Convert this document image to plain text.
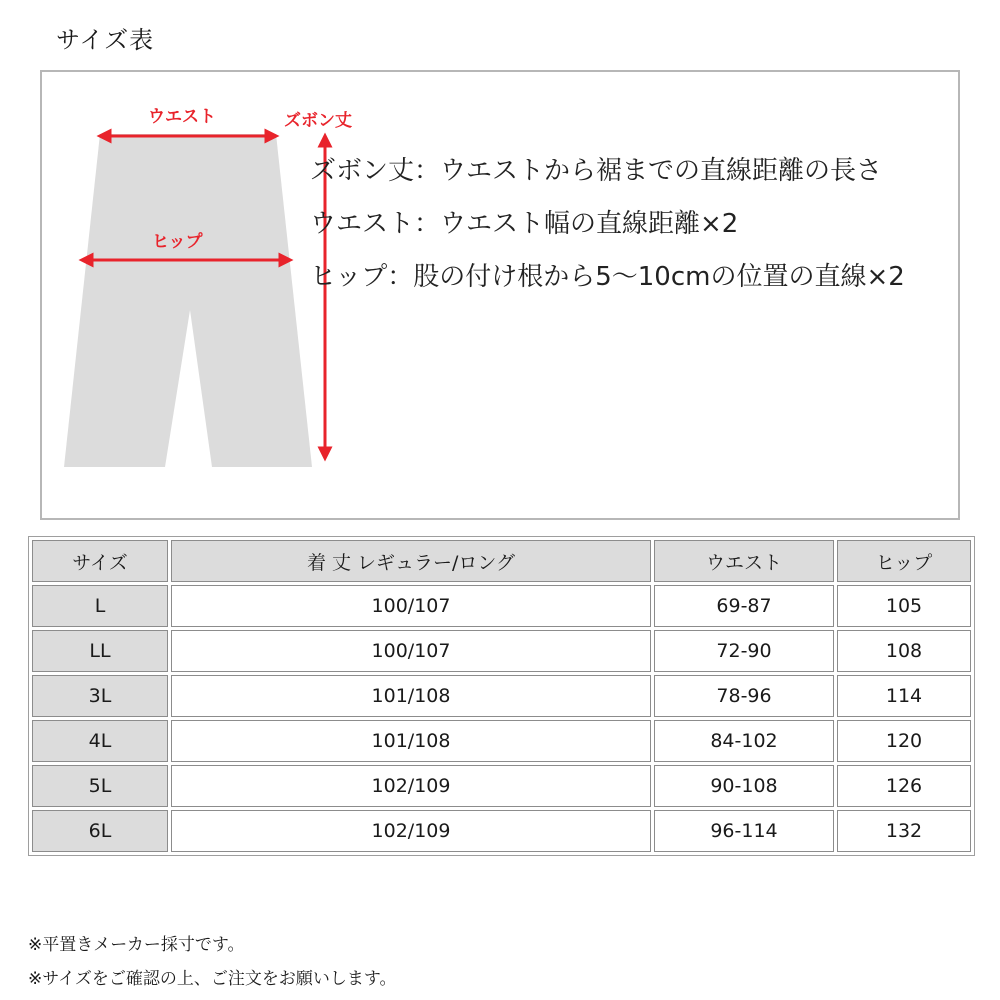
サイズ表
ウエスト	ズボン丈
ヒップ
ズボン丈：ウエストから裾までの直線距離の長さ
ウエスト：ウエスト幅の直線距離×2
ヒップ：股の付け根から5〜10cmの位置の直線×2
サイズ	着 丈 レギュラー/ロング	ウエスト	ヒップ
L	100/107	69-87	105
LL	100/107	72-90	108
3L	101/108	78-96	114
4L	101/108	84-102	120
5L	102/109	90-108	126
6L	102/109	96-114	132
※平置きメーカー採寸です。
※サイズをご確認の上、ご注文をお願いします。
